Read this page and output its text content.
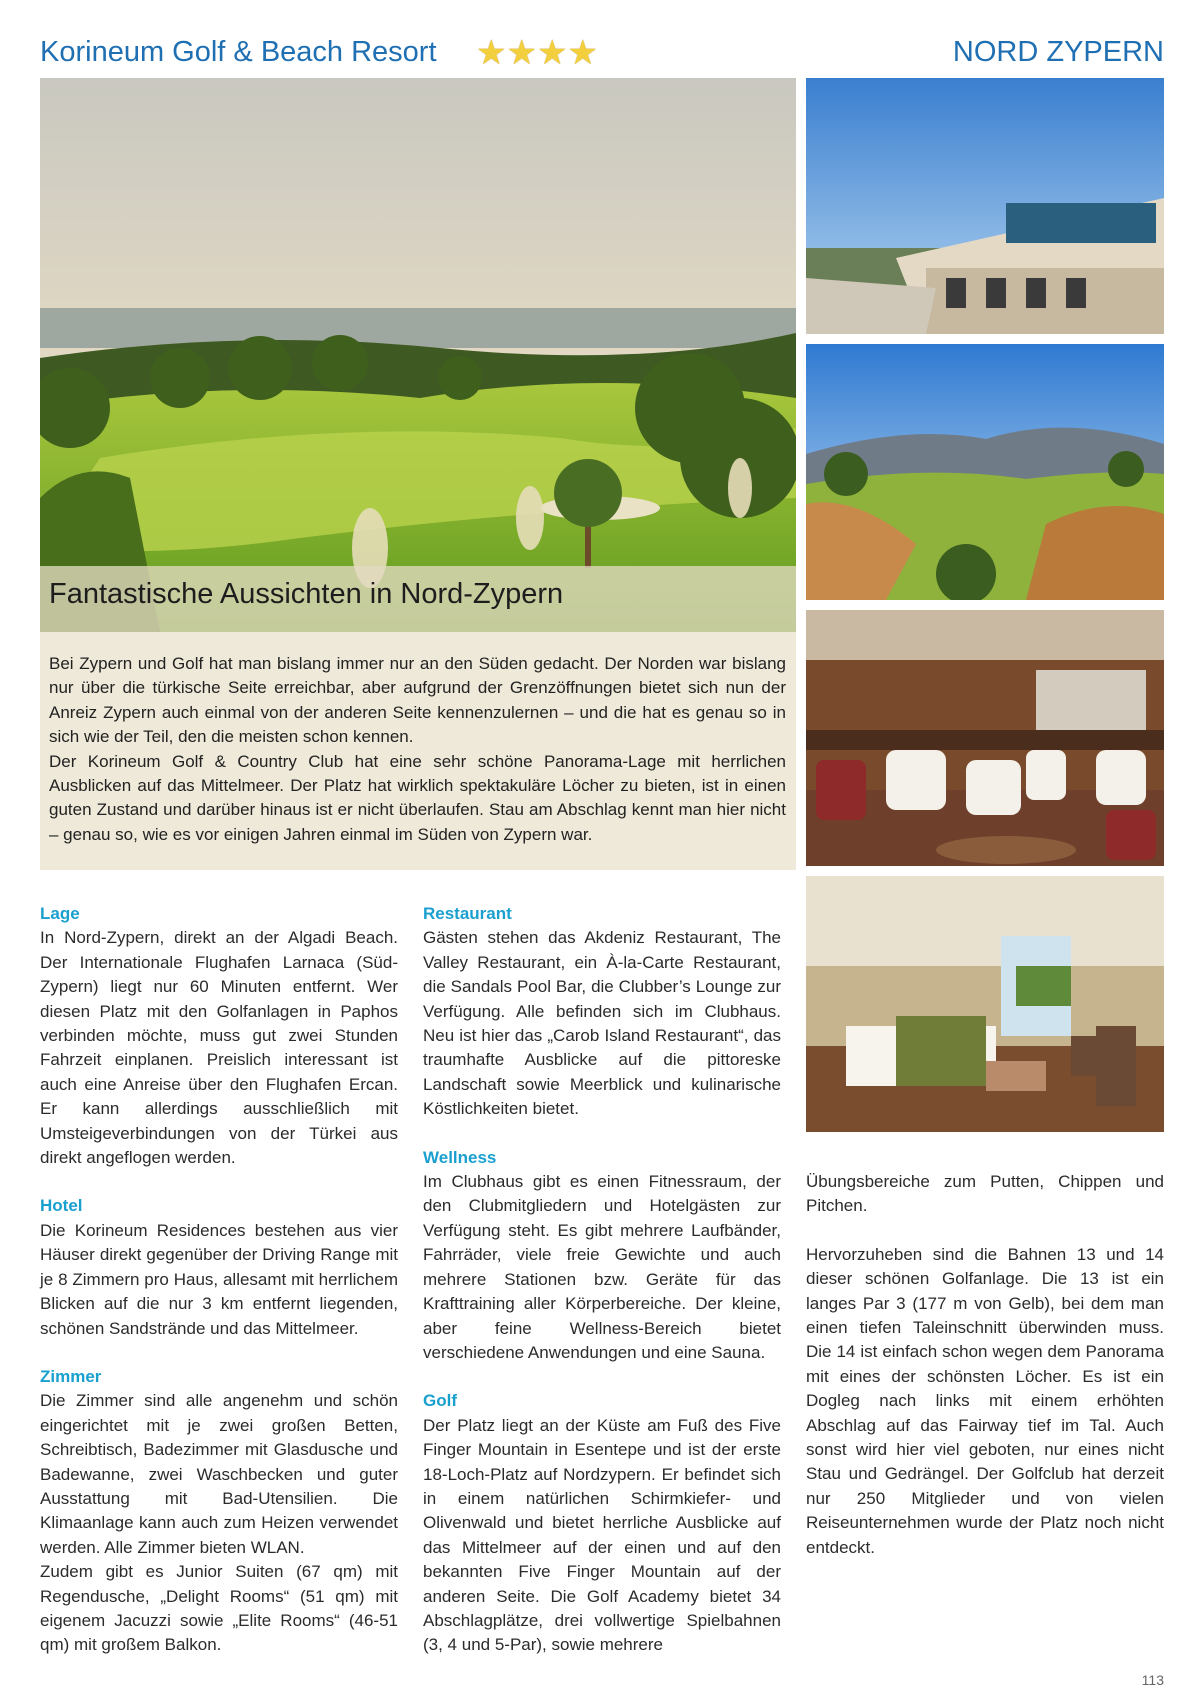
Korineum Golf & Beach Resort ★ ★ ★ ★	NORD ZYPERN
Fantastische Aussichten in Nord-Zypern

Bei Zypern und Golf hat man bislang immer nur an den Süden gedacht. Der Norden war bislang nur über die türkische Seite erreichbar, aber aufgrund der Grenzöffnungen bietet sich nun der Anreiz Zypern auch einmal von der anderen Seite kennenzulernen – und die hat es genau so in sich wie der Teil, den die meisten schon kennen.

Der Korineum Golf & Country Club hat eine sehr schöne Panorama-Lage mit herrlichen Ausblicken auf das Mittelmeer. Der Platz hat wirklich spektakuläre Löcher zu bieten, ist in einen guten Zustand und darüber hinaus ist er nicht überlaufen. Stau am Abschlag kennt man hier nicht – genau so, wie es vor einigen Jahren einmal im Süden von Zypern war.

Lage

In Nord-Zypern, direkt an der Algadi Beach. Der Internationale Flughafen Larnaca (Süd-Zypern) liegt nur 60 Minuten entfernt. Wer diesen Platz mit den Golfanlagen in Paphos verbinden möchte, muss gut zwei Stunden Fahrzeit einplanen. Preislich interessant ist auch eine Anreise über den Flughafen Ercan. Er kann allerdings ausschließlich mit Umsteigeverbindungen von der Türkei aus direkt angeflogen werden.

Hotel

Die Korineum Residences bestehen aus vier Häuser direkt gegenüber der Driving Range mit je 8 Zimmern pro Haus, allesamt mit herrlichem Blicken auf die nur 3 km entfernt liegenden, schönen Sandstrände und das Mittelmeer.

Zimmer

Die Zimmer sind alle angenehm und schön eingerichtet mit je zwei großen Betten, Schreibtisch, Badezimmer mit Glasdusche und Badewanne, zwei Waschbecken und guter Ausstattung mit Bad-Utensilien. Die Klimaanlage kann auch zum Heizen verwendet werden. Alle Zimmer bieten WLAN.

Zudem gibt es Junior Suiten (67 qm) mit Regendusche, „Delight Rooms“ (51 qm) mit eigenem Jacuzzi sowie „Elite Rooms“ (46-51 qm) mit großem Balkon.

Restaurant

Gästen stehen das Akdeniz Restaurant, The Valley Restaurant, ein À-la-Carte Restaurant, die Sandals Pool Bar, die Clubber’s Lounge zur Verfügung. Alle befinden sich im Clubhaus. Neu ist hier das „Carob Island Restaurant“, das traumhafte Ausblicke auf die pittoreske Landschaft sowie Meerblick und kulinarische Köstlichkeiten bietet.

Wellness

Im Clubhaus gibt es einen Fitnessraum, der den Clubmitgliedern und Hotelgästen zur Verfügung steht. Es gibt mehrere Laufbänder, Fahrräder, viele freie Gewichte und auch mehrere Stationen bzw. Geräte für das Krafttraining aller Körperbereiche. Der kleine, aber feine Wellness-Bereich bietet verschiedene Anwendungen und eine Sauna.

Golf

Der Platz liegt an der Küste am Fuß des Five Finger Mountain in Esentepe und ist der erste 18-Loch-Platz auf Nordzypern. Er befindet sich in einem natürlichen Schirmkiefer- und Olivenwald und bietet herrliche Ausblicke auf das Mittelmeer auf der einen und auf den bekannten Five Finger Mountain auf der anderen Seite. Die Golf Academy bietet 34 Abschlagplätze, drei vollwertige Spielbahnen (3, 4 und 5-Par), sowie mehrere

Übungsbereiche zum Putten, Chippen und Pitchen.

Hervorzuheben sind die Bahnen 13 und 14 dieser schönen Golfanlage. Die 13 ist ein langes Par 3 (177 m von Gelb), bei dem man einen tiefen Taleinschnitt überwinden muss. Die 14 ist einfach schon wegen dem Panorama mit eines der schönsten Löcher. Es ist ein Dogleg nach links mit einem erhöhten Abschlag auf das Fairway tief im Tal. Auch sonst wird hier viel geboten, nur eines nicht Stau und Gedrängel. Der Golfclub hat derzeit nur 250 Mitglieder und von vielen Reiseunternehmen wurde der Platz noch nicht entdeckt.

113
